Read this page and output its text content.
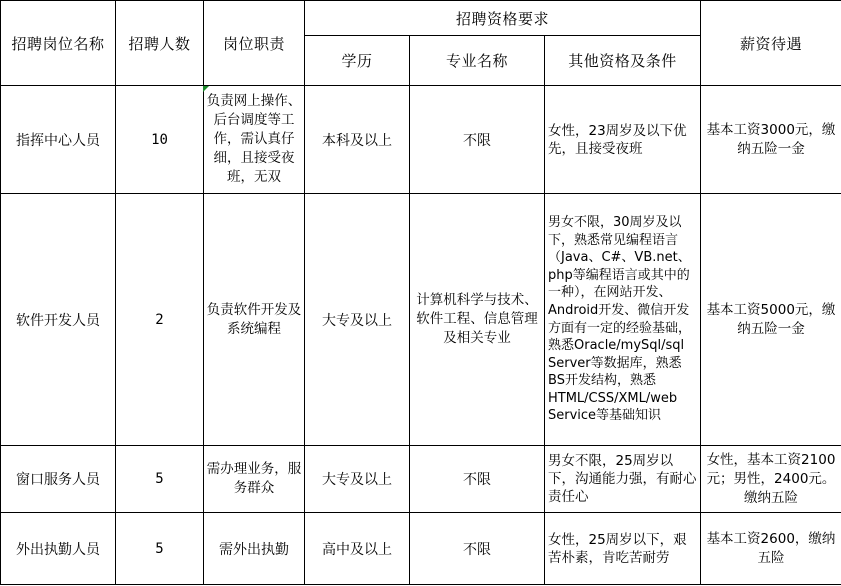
招聘岗位名称	招聘人数	岗位职责	招聘资格要求			薪资待遇
			学历	专业名称	其他资格及条件	
指挥中心人员	10	负责网上操作、后台调度等工作，需认真仔细，且接受夜班，无双	本科及以上	不限	女性，23周岁及以下优先，且接受夜班	基本工资3000元，缴纳五险一金
软件开发人员	2	负责软件开发及系统编程	大专及以上	计算机科学与技术、软件工程、信息管理及相关专业	男女不限，30周岁及以下，熟悉常见编程语言（Java、C#、VB.net、php等编程语言或其中的一种），在网站开发、Android开发、微信开发方面有一定的经验基础，熟悉Oracle/mySql/sql Server等数据库，熟悉BS开发结构，熟悉HTML/CSS/XML/web Service等基础知识	基本工资5000元，缴纳五险一金
窗口服务人员	5	需办理业务，服务群众	大专及以上	不限	男女不限，25周岁以下，沟通能力强，有耐心责任心	女性，基本工资2100元；男性，2400元。缴纳五险
外出执勤人员	5	需外出执勤	高中及以上	不限	女性，25周岁以下，艰苦朴素，肯吃苦耐劳	基本工资2600，缴纳五险
